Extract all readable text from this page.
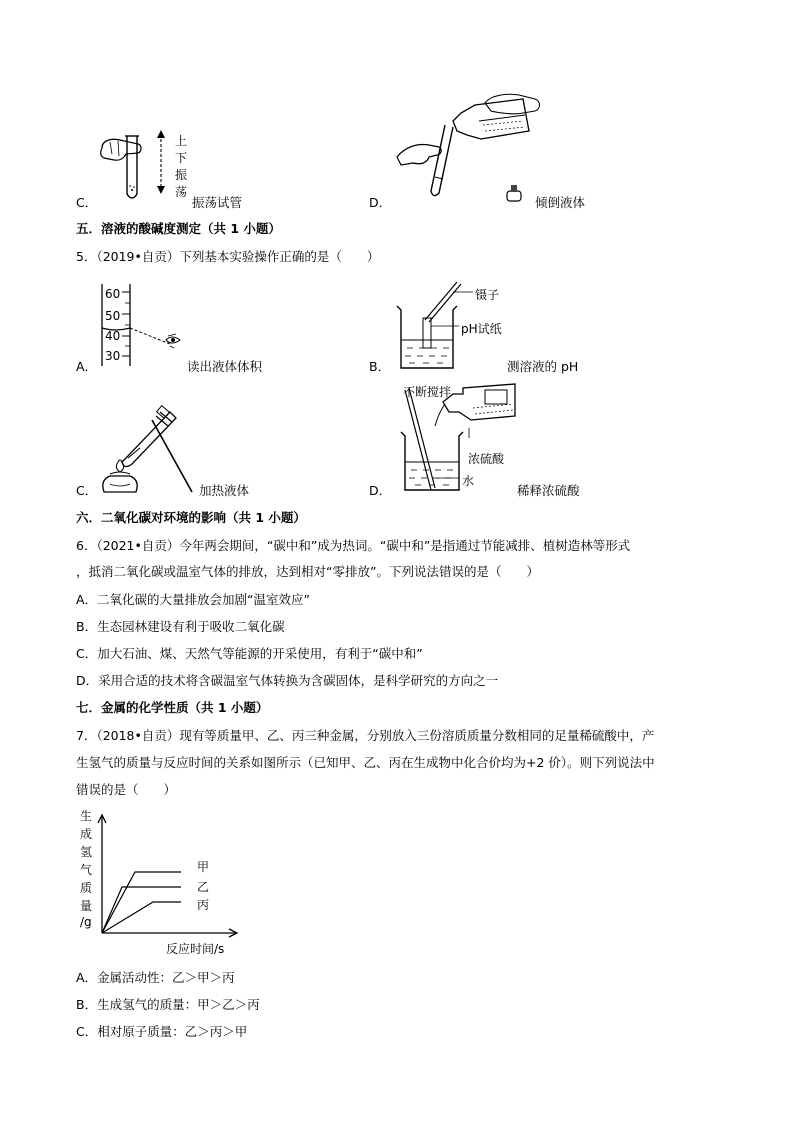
C．
上
下
振
荡
振荡试管	D．	倾倒液体
五．溶液的酸碱度测定（共 1 小题）
5．（2019•自贡）下列基本实验操作正确的是（　　）
A．
60
50
40
30
读出液体体积	B．
镊子
pH试纸
测溶液的 pH
C．	加热液体	D．
不断搅拌
浓硫酸
水
稀释浓硫酸
六．二氧化碳对环境的影响（共 1 小题）
6．（2021•自贡）今年两会期间，“碳中和”成为热词。“碳中和”是指通过节能减排、植树造林等形式
，抵消二氧化碳或温室气体的排放，达到相对“零排放”。下列说法错误的是（　　）
A．二氧化碳的大量排放会加剧“温室效应”
B．生态园林建设有利于吸收二氧化碳
C．加大石油、煤、天然气等能源的开采使用，有利于“碳中和”
D．采用合适的技术将含碳温室气体转换为含碳固体，是科学研究的方向之一
七．金属的化学性质（共 1 小题）
7．（2018•自贡）现有等质量甲、乙、丙三种金属，分别放入三份溶质质量分数相同的足量稀硫酸中，产
生氢气的质量与反应时间的关系如图所示（已知甲、乙、丙在生成物中化合价均为+2 价）。则下列说法中
错误的是（　　）
生
成
氢
气
质
量
/g
甲
乙
丙
反应时间/s
A．金属活动性：乙＞甲＞丙
B．生成氢气的质量：甲＞乙＞丙
C．相对原子质量：乙＞丙＞甲
